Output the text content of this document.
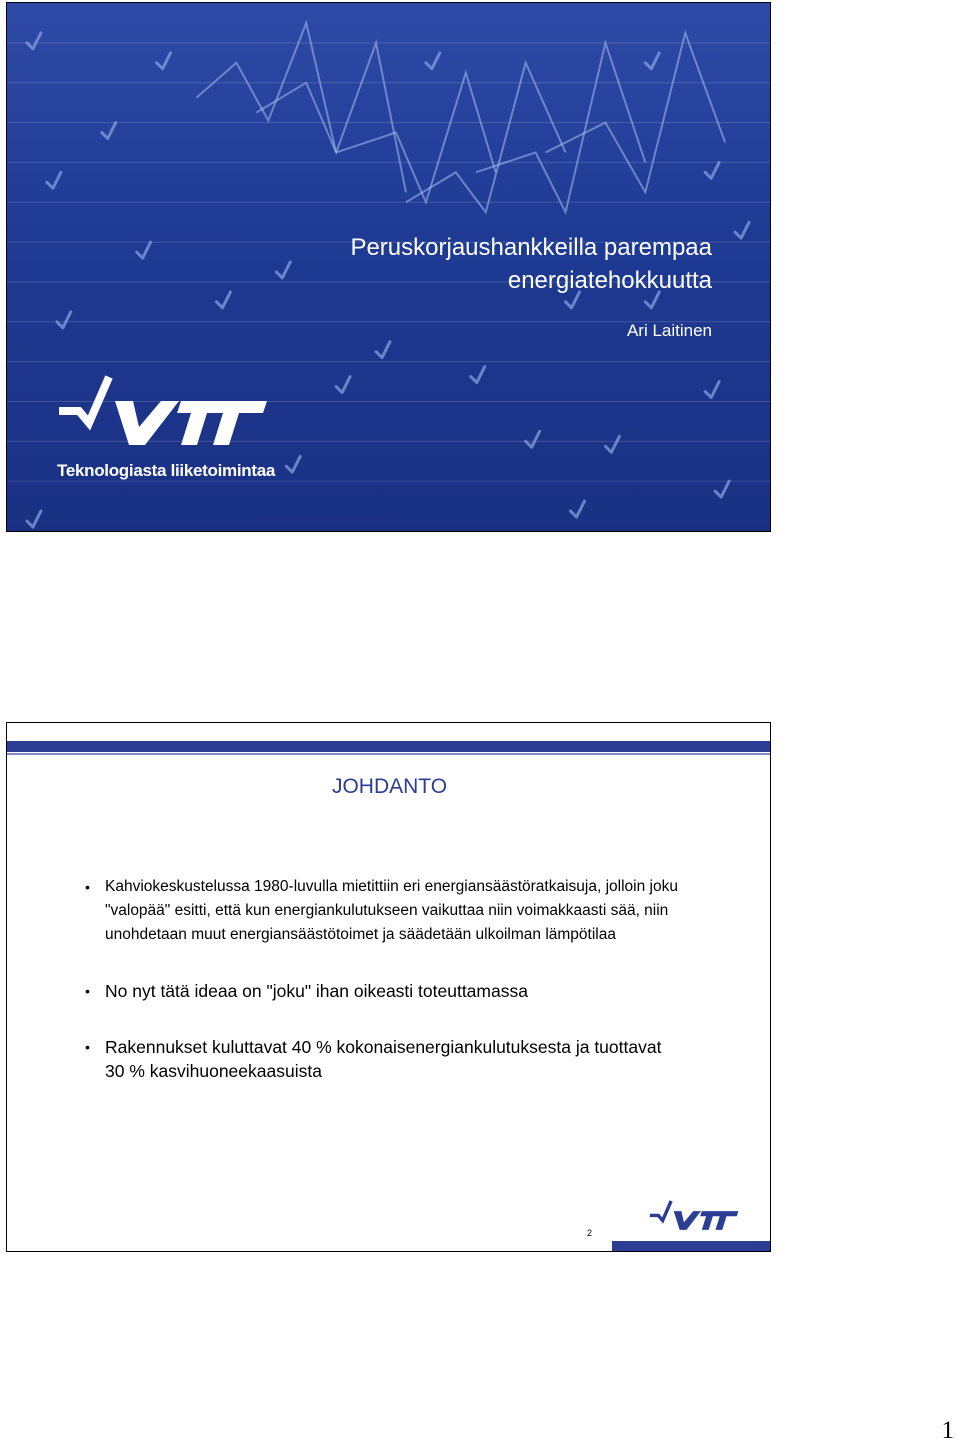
Peruskorjaushankkeilla parempaa
energiatehokkuutta
Ari Laitinen
Teknologiasta liiketoimintaa
JOHDANTO
• Kahviokeskustelussa 1980-luvulla mietittiin eri energiansäästöratkaisuja, jolloin joku "valopää" esitti, että kun energiankulutukseen vaikuttaa niin voimakkaasti sää, niin unohdetaan muut energiansäästötoimet ja säädetään ulkoilman lämpötilaa
• No nyt tätä ideaa on "joku" ihan oikeasti toteuttamassa
• Rakennukset kuluttavat 40 % kokonaisenergiankulutuksesta ja tuottavat 30 % kasvihuoneekaasuista
2
1
